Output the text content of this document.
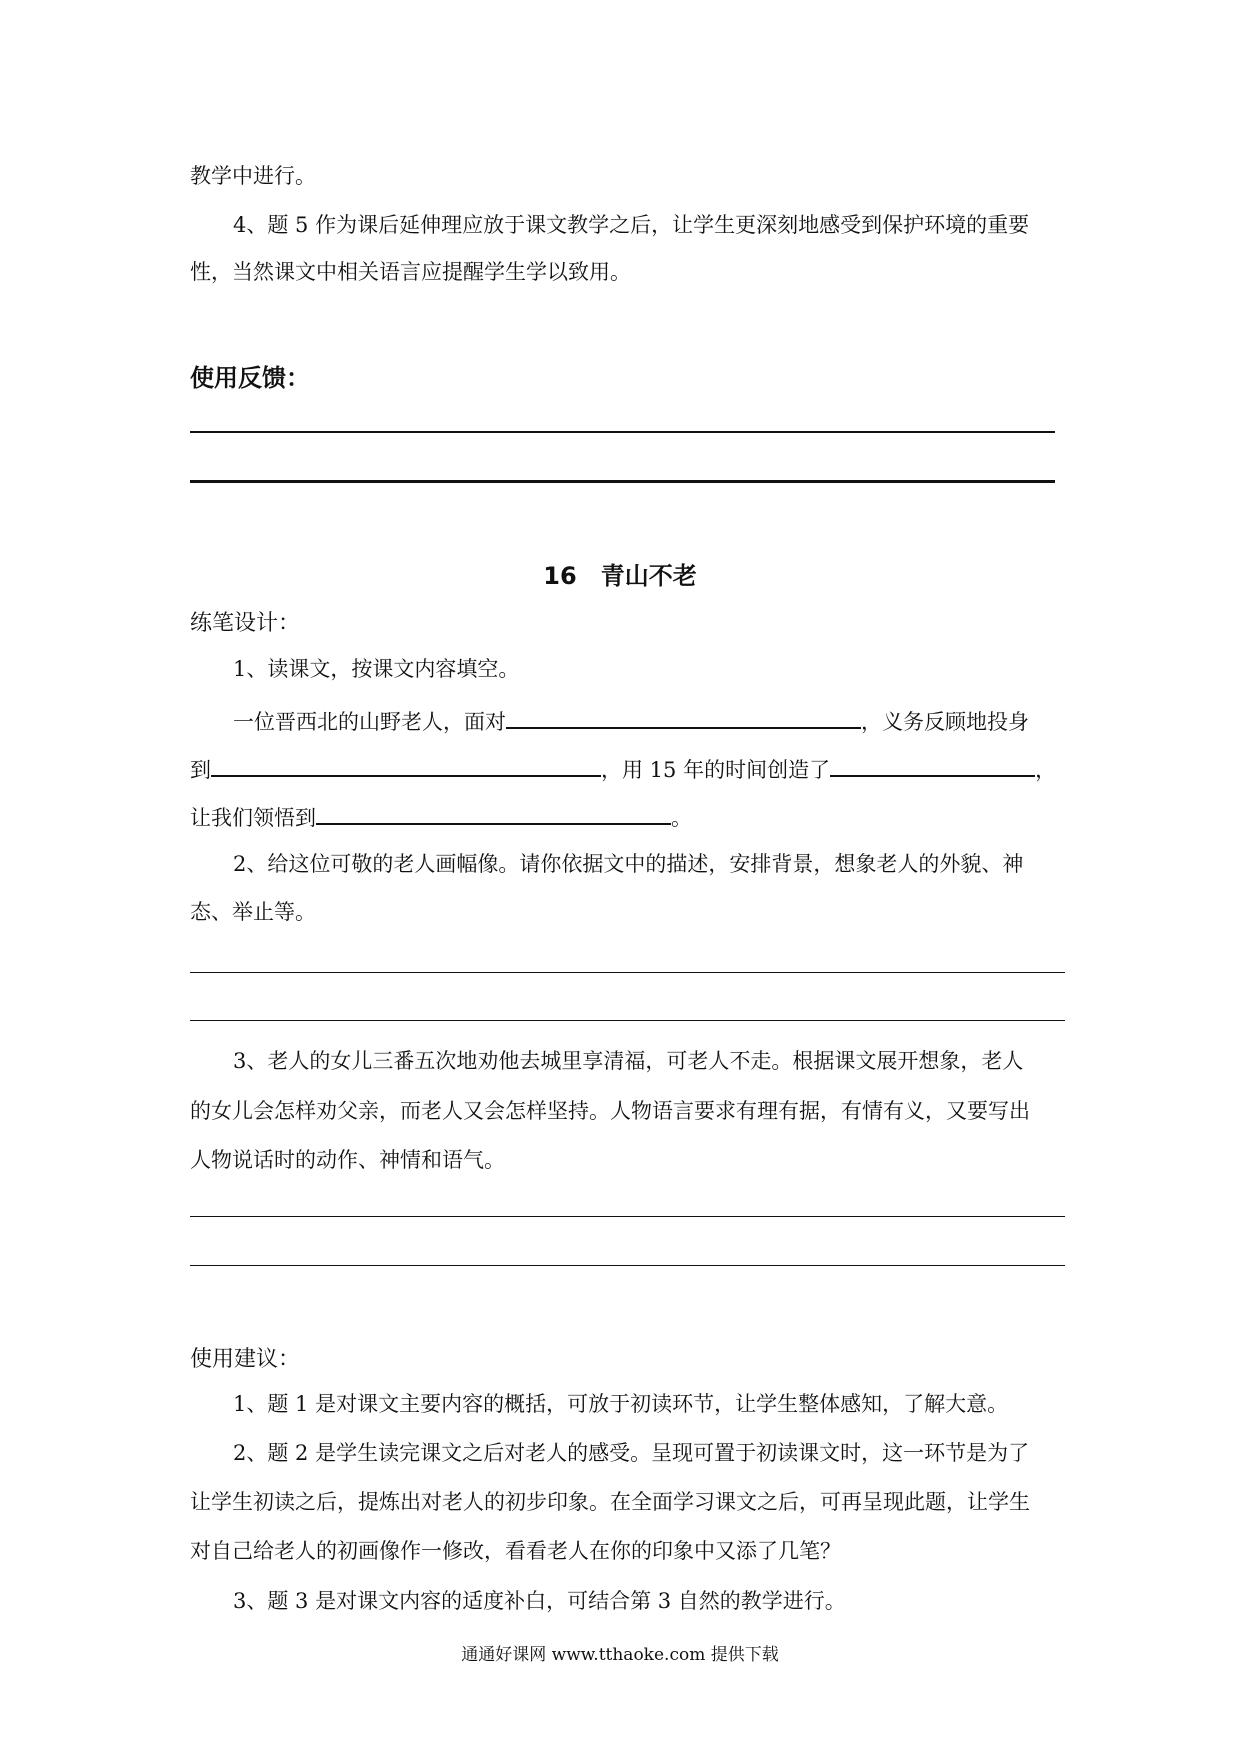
教学中进行。
4、题 5 作为课后延伸理应放于课文教学之后，让学生更深刻地感受到保护环境的重要
性，当然课文中相关语言应提醒学生学以致用。
使用反馈：
16　青山不老
练笔设计：
1、读课文，按课文内容填空。
一位晋西北的山野老人，面对	，义务反顾地投身
到	，用 15 年的时间创造了	，
让我们领悟到	。
2、给这位可敬的老人画幅像。请你依据文中的描述，安排背景，想象老人的外貌、神
态、举止等。
3、老人的女儿三番五次地劝他去城里享清福，可老人不走。根据课文展开想象，老人
的女儿会怎样劝父亲，而老人又会怎样坚持。人物语言要求有理有据，有情有义，又要写出
人物说话时的动作、神情和语气。
使用建议：
1、题 1 是对课文主要内容的概括，可放于初读环节，让学生整体感知，了解大意。
2、题 2 是学生读完课文之后对老人的感受。呈现可置于初读课文时，这一环节是为了
让学生初读之后，提炼出对老人的初步印象。在全面学习课文之后，可再呈现此题，让学生
对自己给老人的初画像作一修改，看看老人在你的印象中又添了几笔？
3、题 3 是对课文内容的适度补白，可结合第 3 自然的教学进行。
通通好课网 www.tthaoke.com 提供下载
